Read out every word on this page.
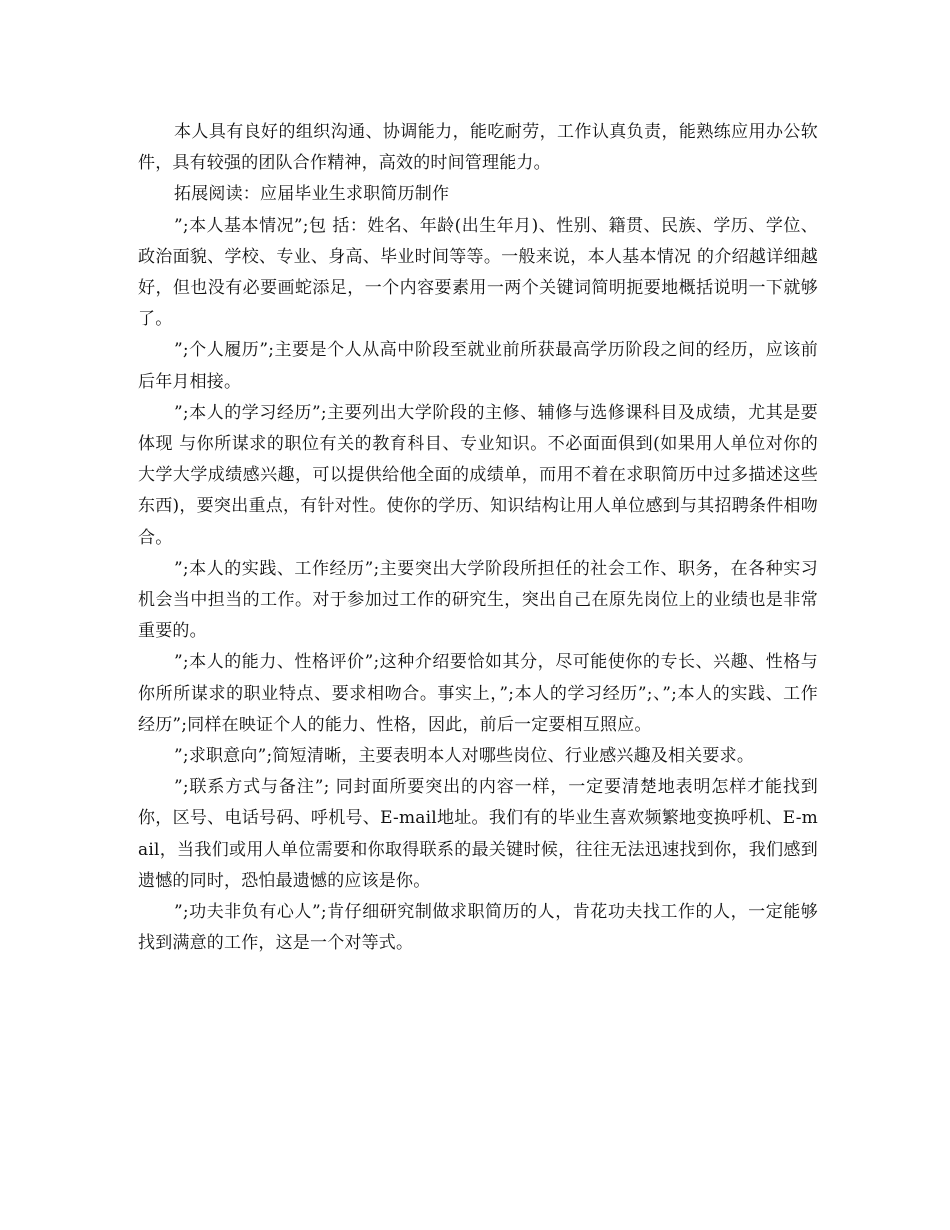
本人具有良好的组织沟通、协调能力，能吃耐劳，工作认真负责，能熟练应用办公软件，具有较强的团队合作精神，高效的时间管理能力。

拓展阅读：应届毕业生求职简历制作

”;本人基本情况”;包 括：姓名、年龄(出生年月)、性别、籍贯、民族、学历、学位、 政治面貌、学校、专业、身高、毕业时间等等。一般来说，本人基本情况 的介绍越详细越好，但也没有必要画蛇添足，一个内容要素用一两个关键词简明扼要地概括说明一下就够了。

”;个人履历”;主要是个人从高中阶段至就业前所获最高学历阶段之间的经历，应该前后年月相接。

”;本人的学习经历”;主要列出大学阶段的主修、辅修与选修课科目及成绩，尤其是要体现 与你所谋求的职位有关的教育科目、专业知识。不必面面俱到(如果用人单位对你的大学大学成绩感兴趣，可以提供给他全面的成绩单，而用不着在求职简历中过多描述这些东西)，要突出重点，有针对性。使你的学历、知识结构让用人单位感到与其招聘条件相吻合。

”;本人的实践、工作经历”;主要突出大学阶段所担任的社会工作、职务，在各种实习机会当中担当的工作。对于参加过工作的研究生，突出自己在原先岗位上的业绩也是非常重要的。

”;本人的能力、性格评价”;这种介绍要恰如其分，尽可能使你的专长、兴趣、性格与你所所谋求的职业特点、要求相吻合。事实上，”;本人的学习经历”;、”;本人的实践、工作经历”;同样在映证个人的能力、性格，因此，前后一定要相互照应。

”;求职意向”;简短清晰，主要表明本人对哪些岗位、行业感兴趣及相关要求。

”;联系方式与备注”; 同封面所要突出的内容一样，一定要清楚地表明怎样才能找到你，区号、电话号码、呼机号、E-mail地址。我们有的毕业生喜欢频繁地变换呼机、E-mail，当我们或用人单位需要和你取得联系的最关键时候，往往无法迅速找到你，我们感到遗憾的同时，恐怕最遗憾的应该是你。

”;功夫非负有心人”;肯仔细研究制做求职简历的人，肯花功夫找工作的人，一定能够找到满意的工作，这是一个对等式。
